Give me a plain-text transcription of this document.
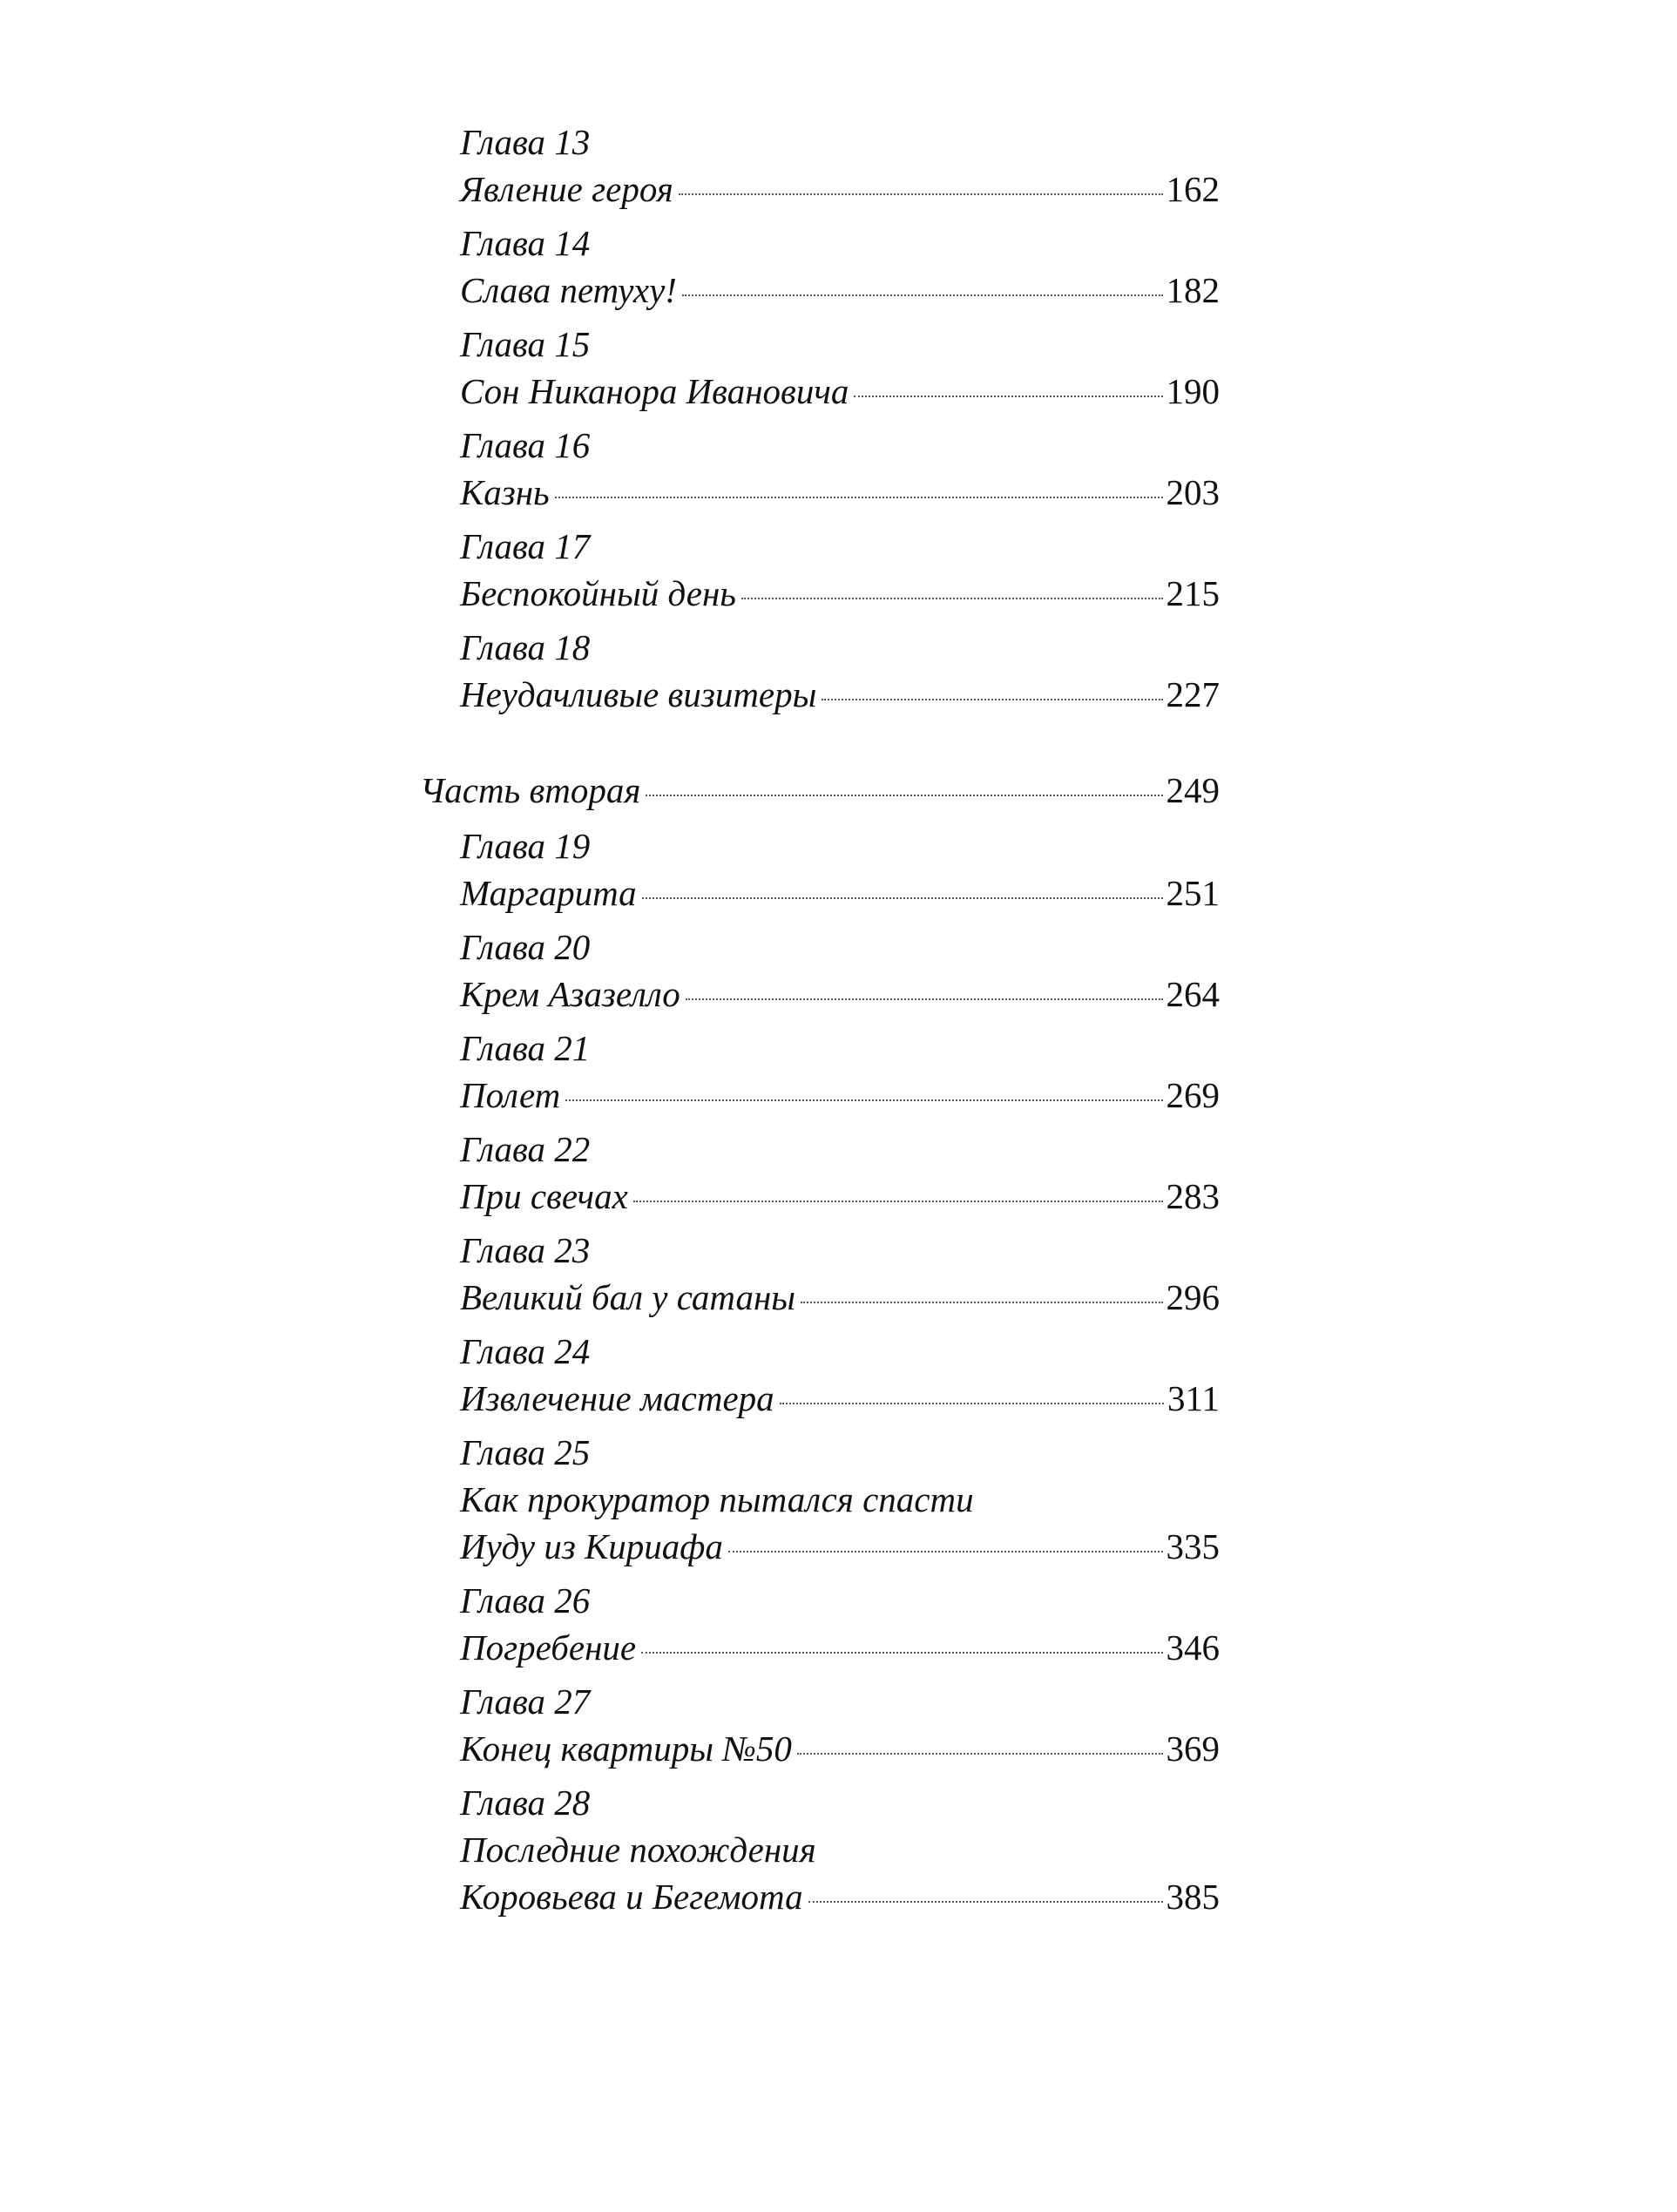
Глава 13
Явление героя	162
Глава 14
Слава петуху!	182
Глава 15
Сон Никанора Ивановича	190
Глава 16
Казнь	203
Глава 17
Беспокойный день	215
Глава 18
Неудачливые визитеры	227
Часть вторая	249
Глава 19
Маргарита	251
Глава 20
Крем Азазелло	264
Глава 21
Полет	269
Глава 22
При свечах	283
Глава 23
Великий бал у сатаны	296
Глава 24
Извлечение мастера	311
Глава 25
Как прокуратор пытался спасти
Иуду из Кириафа	335
Глава 26
Погребение	346
Глава 27
Конец квартиры №50	369
Глава 28
Последние похождения
Коровьева и Бегемота	385
